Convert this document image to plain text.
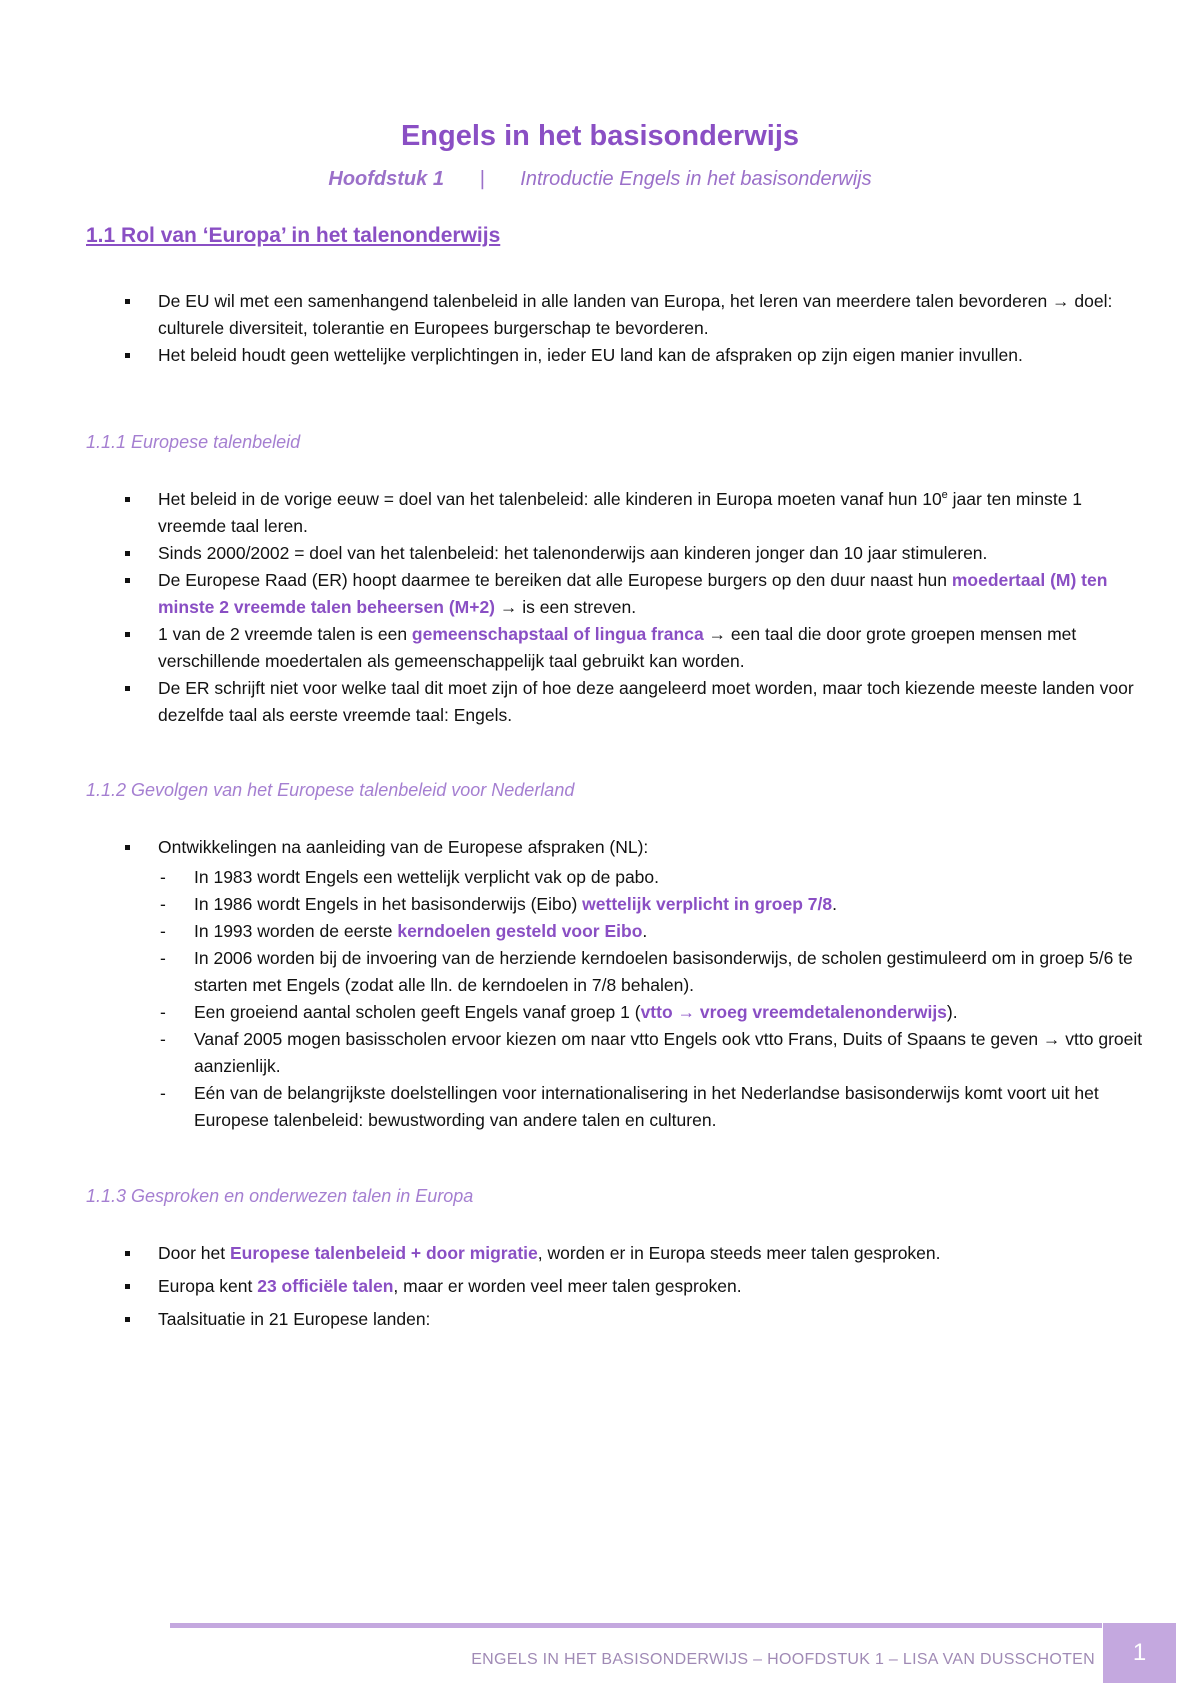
Engels in het basisonderwijs
Hoofdstuk 1 | Introductie Engels in het basisonderwijs
1.1 Rol van ‘Europa’ in het talenonderwijs
De EU wil met een samenhangend talenbeleid in alle landen van Europa, het leren van meerdere talen bevorderen → doel: culturele diversiteit, tolerantie en Europees burgerschap te bevorderen.
Het beleid houdt geen wettelijke verplichtingen in, ieder EU land kan de afspraken op zijn eigen manier invullen.
1.1.1 Europese talenbeleid
Het beleid in de vorige eeuw = doel van het talenbeleid: alle kinderen in Europa moeten vanaf hun 10e jaar ten minste 1 vreemde taal leren.
Sinds 2000/2002 = doel van het talenbeleid: het talenonderwijs aan kinderen jonger dan 10 jaar stimuleren.
De Europese Raad (ER) hoopt daarmee te bereiken dat alle Europese burgers op den duur naast hun moedertaal (M) ten minste 2 vreemde talen beheersen (M+2) → is een streven.
1 van de 2 vreemde talen is een gemeenschapstaal of lingua franca → een taal die door grote groepen mensen met verschillende moedertalen als gemeenschappelijk taal gebruikt kan worden.
De ER schrijft niet voor welke taal dit moet zijn of hoe deze aangeleerd moet worden, maar toch kiezende meeste landen voor dezelfde taal als eerste vreemde taal: Engels.
1.1.2 Gevolgen van het Europese talenbeleid voor Nederland
Ontwikkelingen na aanleiding van de Europese afspraken (NL):
- In 1983 wordt Engels een wettelijk verplicht vak op de pabo.
- In 1986 wordt Engels in het basisonderwijs (Eibo) wettelijk verplicht in groep 7/8.
- In 1993 worden de eerste kerndoelen gesteld voor Eibo.
- In 2006 worden bij de invoering van de herziende kerndoelen basisonderwijs, de scholen gestimuleerd om in groep 5/6 te starten met Engels (zodat alle lln. de kerndoelen in 7/8 behalen).
- Een groeiend aantal scholen geeft Engels vanaf groep 1 (vtto → vroeg vreemdetalenonderwijs).
- Vanaf 2005 mogen basisscholen ervoor kiezen om naar vtto Engels ook vtto Frans, Duits of Spaans te geven → vtto groeit aanzienlijk.
- Eén van de belangrijkste doelstellingen voor internationalisering in het Nederlandse basisonderwijs komt voort uit het Europese talenbeleid: bewustwording van andere talen en culturen.
1.1.3 Gesproken en onderwezen talen in Europa
Door het Europese talenbeleid + door migratie, worden er in Europa steeds meer talen gesproken.
Europa kent 23 officiële talen, maar er worden veel meer talen gesproken.
Taalsituatie in 21 Europese landen:
ENGELS IN HET BASISONDERWIJS – HOOFDSTUK 1 – LISA VAN DUSSCHOTEN	1
